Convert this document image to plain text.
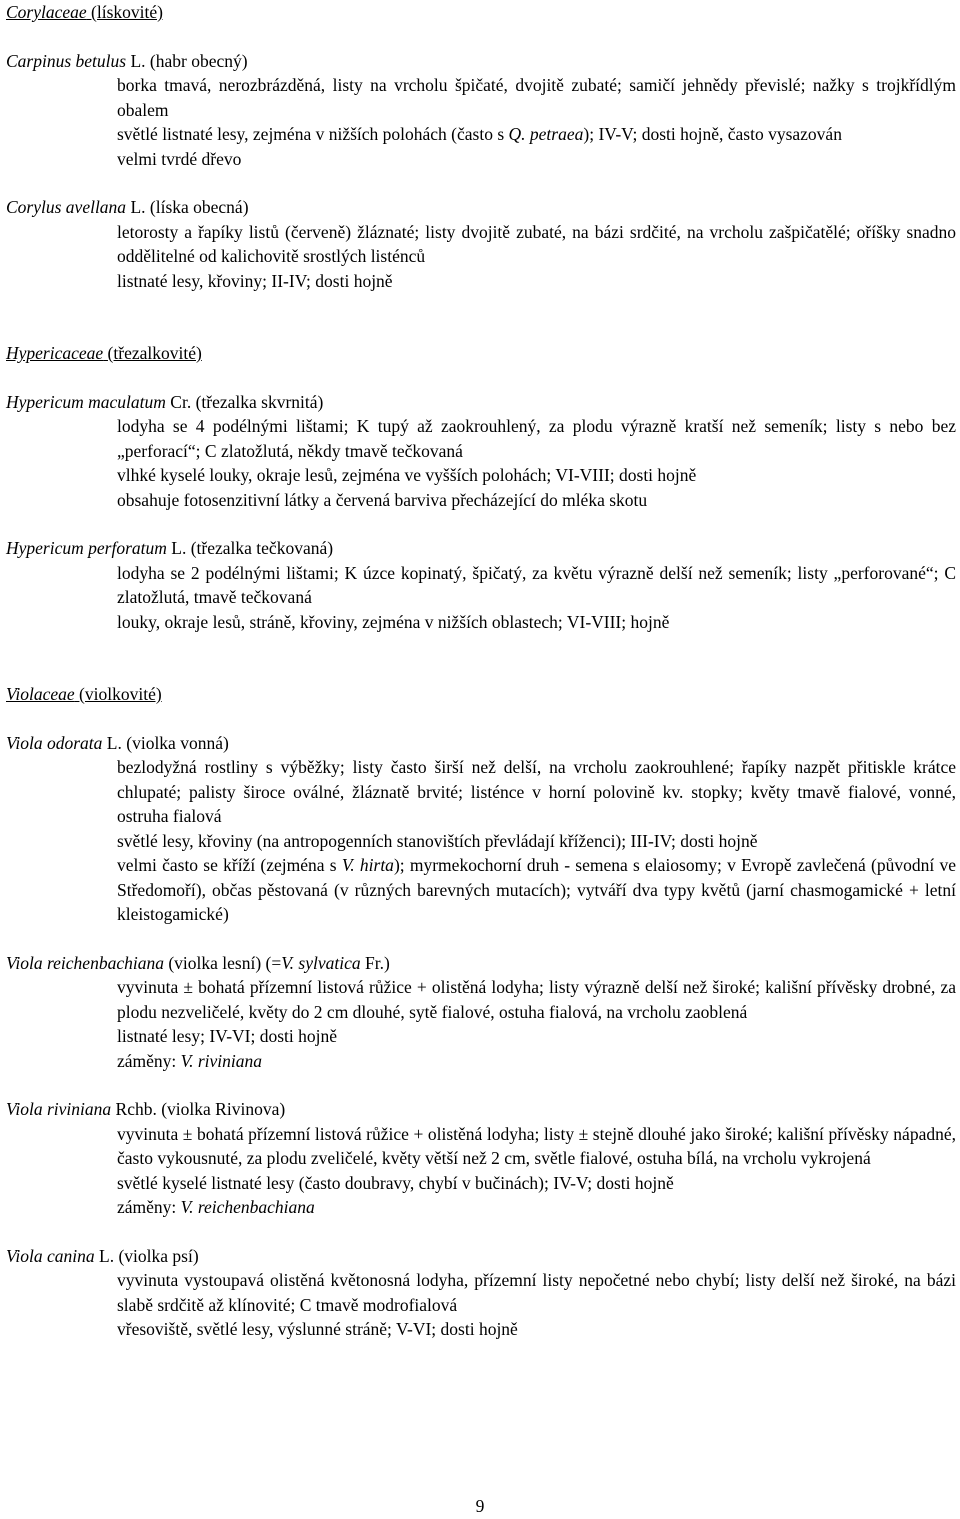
Corylaceae (lískovité)

Carpinus betulus L. (habr obecný)

borka tmavá, nerozbrázděná, listy na vrcholu špičaté, dvojitě zubaté; samičí jehnědy převislé; nažky s trojkřídlým obalem

světlé listnaté lesy, zejména v nižších polohách (často s Q. petraea); IV-V; dosti hojně, často vysazován

velmi tvrdé dřevo

Corylus avellana L. (líska obecná)

letorosty a řapíky listů (červeně) žláznaté; listy dvojitě zubaté, na bázi srdčité, na vrcholu zašpičatělé; oříšky snadno oddělitelné od kalichovitě srostlých listénců

listnaté lesy, křoviny; II-IV; dosti hojně

Hypericaceae (třezalkovité)

Hypericum maculatum Cr. (třezalka skvrnitá)

lodyha se 4 podélnými lištami; K tupý až zaokrouhlený, za plodu výrazně kratší než semeník; listy s nebo bez „perforací“; C zlatožlutá, někdy tmavě tečkovaná

vlhké kyselé louky, okraje lesů, zejména ve vyšších polohách; VI-VIII; dosti hojně

obsahuje fotosenzitivní látky a červená barviva přecházející do mléka skotu

Hypericum perforatum L. (třezalka tečkovaná)

lodyha se 2 podélnými lištami; K úzce kopinatý, špičatý, za květu výrazně delší než semeník; listy „perforované“; C zlatožlutá, tmavě tečkovaná

louky, okraje lesů, stráně, křoviny, zejména v nižších oblastech; VI-VIII; hojně

Violaceae (violkovité)

Viola odorata L. (violka vonná)

bezlodyžná rostliny s výběžky; listy často širší než delší, na vrcholu zaokrouhlené; řapíky nazpět přitiskle krátce chlupaté; palisty široce oválné, žláznatě brvité; listénce v horní polovině kv. stopky; květy tmavě fialové, vonné, ostruha fialová

světlé lesy, křoviny (na antropogenních stanovištích převládají kříženci); III-IV; dosti hojně

velmi často se kříží (zejména s V. hirta); myrmekochorní druh - semena s elaiosomy; v Evropě zavlečená (původní ve Středomoří), občas pěstovaná (v různých barevných mutacích); vytváří dva typy květů (jarní chasmogamické + letní kleistogamické)

Viola reichenbachiana (violka lesní) (=V. sylvatica Fr.)

vyvinuta ± bohatá přízemní listová růžice + olistěná lodyha; listy výrazně delší než široké; kališní přívěsky drobné, za plodu nezveličelé, květy do 2 cm dlouhé, sytě fialové, ostuha fialová, na vrcholu zaoblená

listnaté lesy; IV-VI; dosti hojně

záměny: V. riviniana

Viola riviniana Rchb. (violka Rivinova)

vyvinuta ± bohatá přízemní listová růžice + olistěná lodyha; listy ± stejně dlouhé jako široké; kališní přívěsky nápadné, často vykousnuté, za plodu zveličelé, květy větší než 2 cm, světle fialové, ostuha bílá, na vrcholu vykrojená

světlé kyselé listnaté lesy (často doubravy, chybí v bučinách); IV-V; dosti hojně

záměny: V. reichenbachiana

Viola canina L. (violka psí)

vyvinuta vystoupavá olistěná květonosná lodyha, přízemní listy nepočetné nebo chybí; listy delší než široké, na bázi slabě srdčitě až klínovité; C tmavě modrofialová

vřesoviště, světlé lesy, výslunné stráně; V-VI; dosti hojně

9
